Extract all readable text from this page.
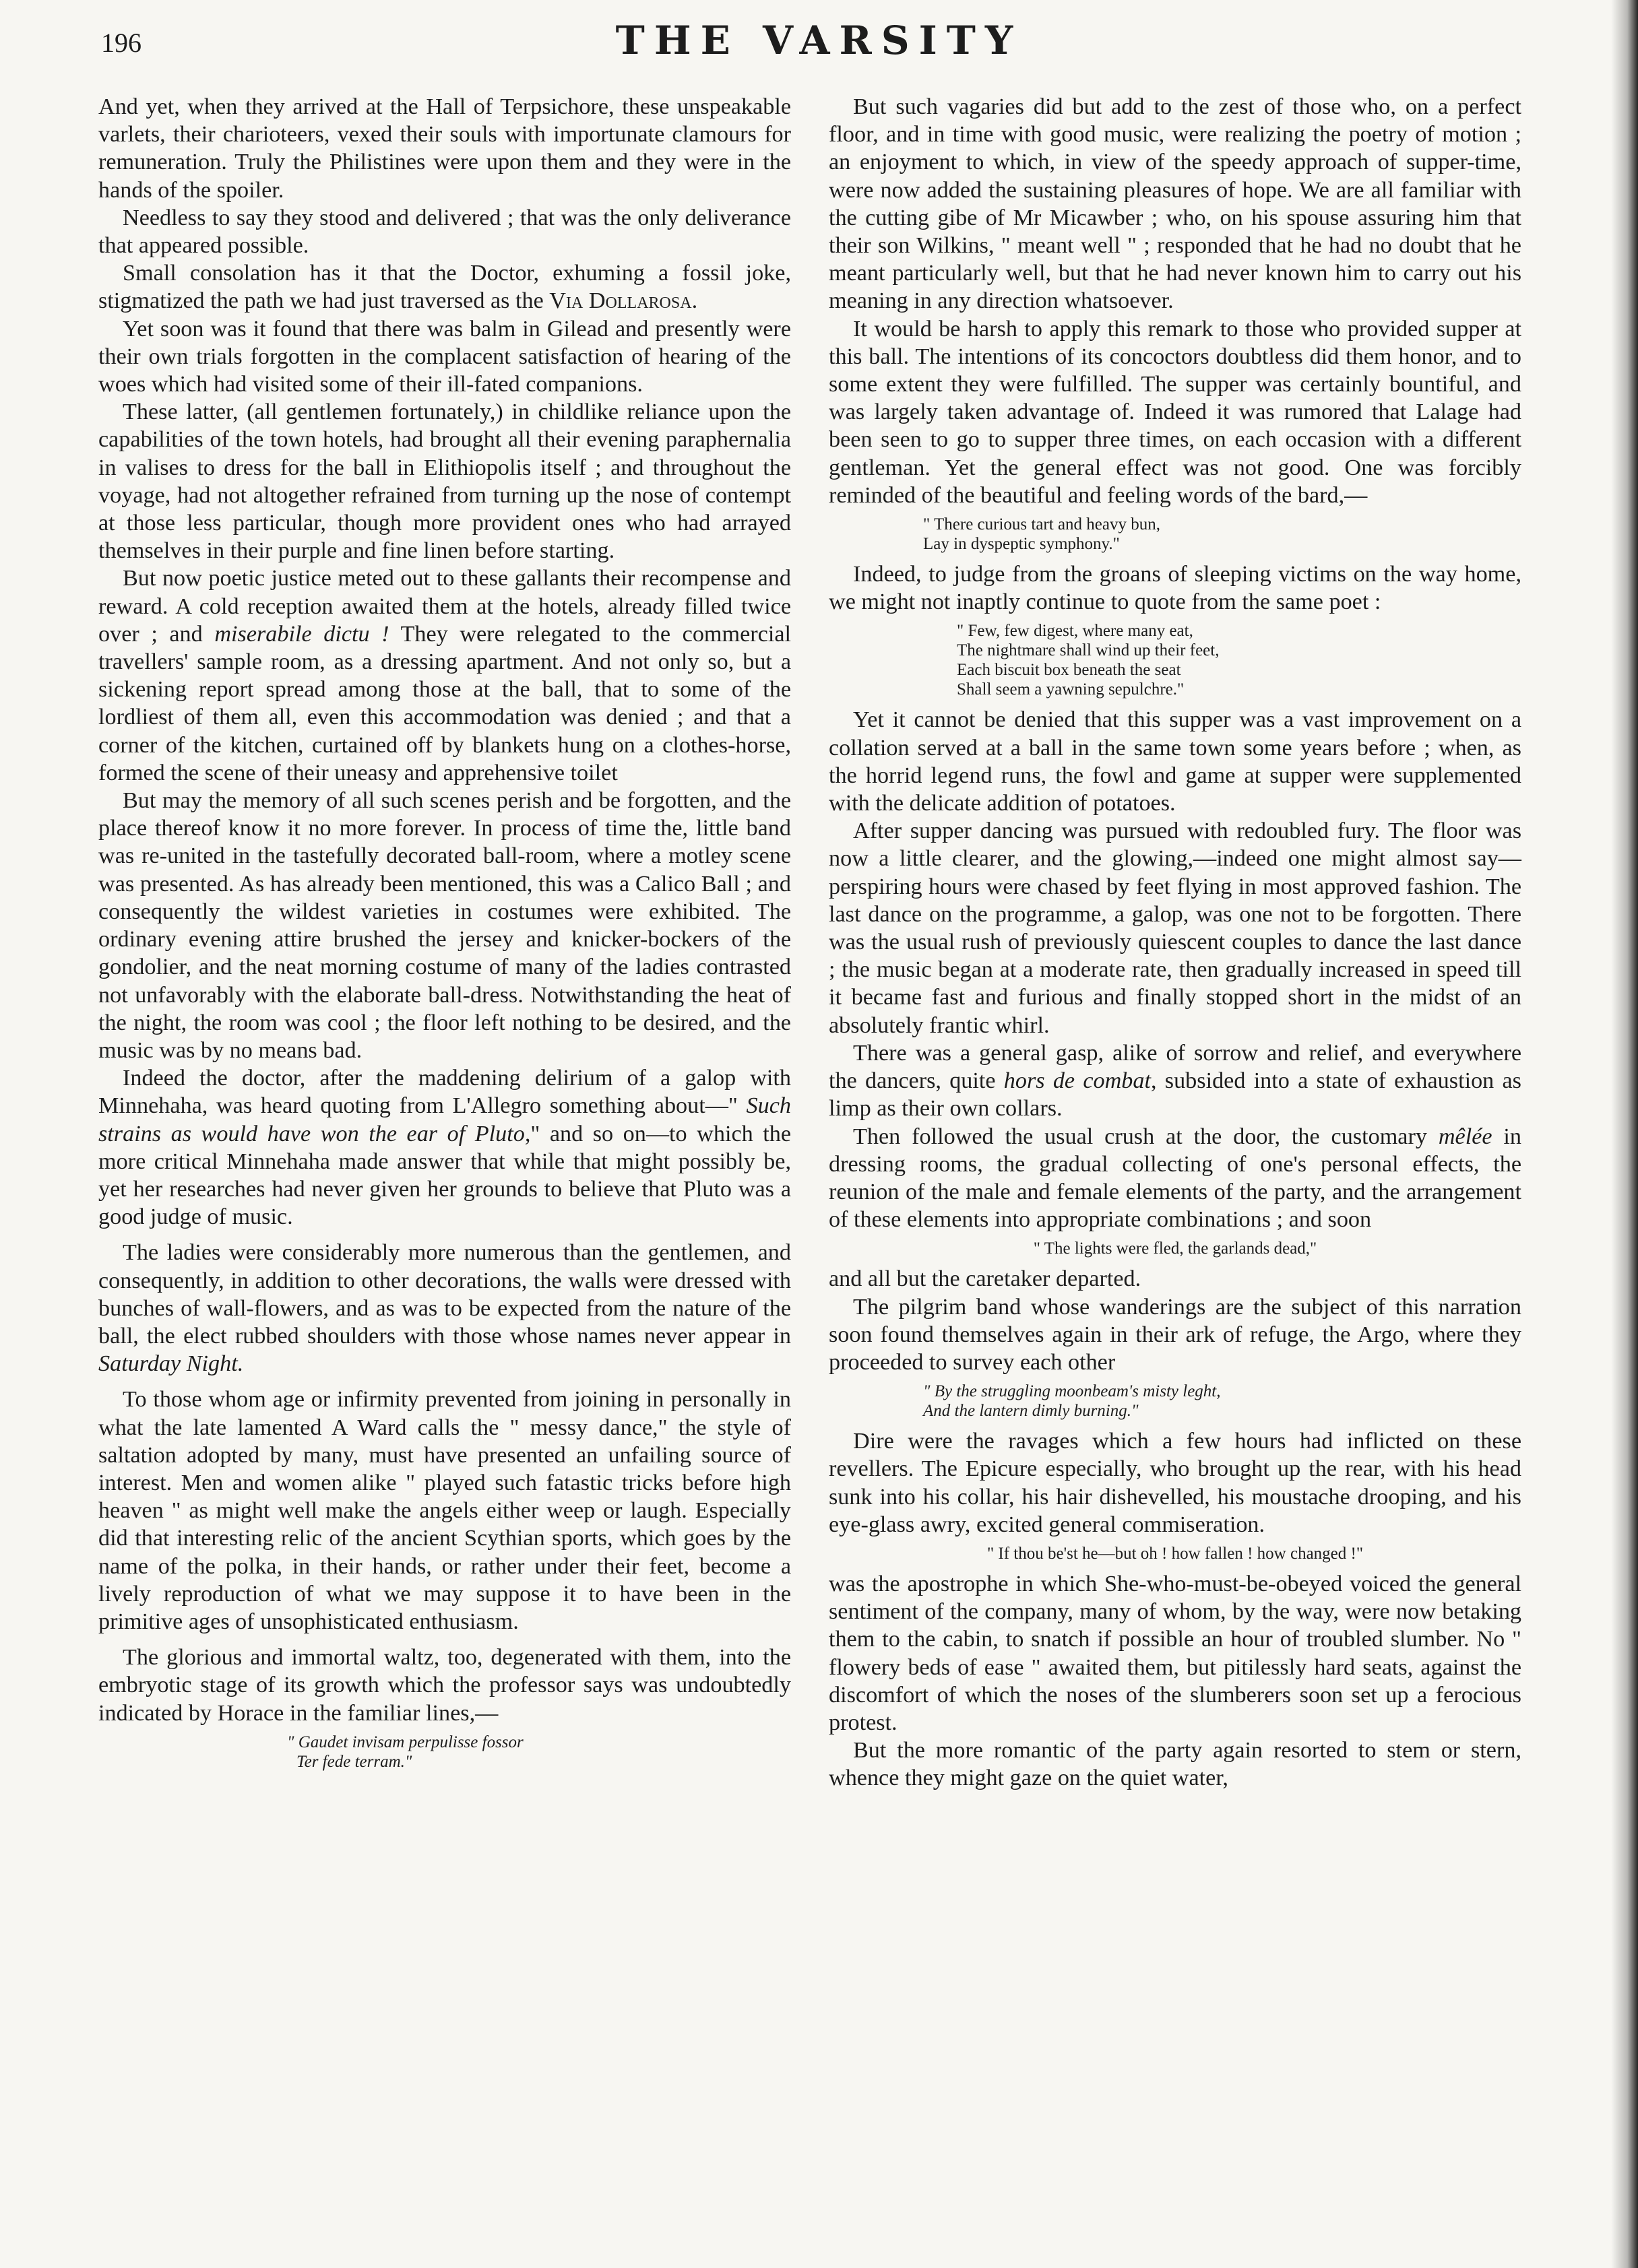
196	THE VARSITY

And yet, when they arrived at the Hall of Terpsichore, these unspeakable varlets, their charioteers, vexed their souls with importunate clamours for remuneration. Truly the Philistines were upon them and they were in the hands of the spoiler.

Needless to say they stood and delivered ; that was the only deliverance that appeared possible.

Small consolation has it that the Doctor, exhuming a fossil joke, stigmatized the path we had just traversed as the Via Dollarosa.

Yet soon was it found that there was balm in Gilead and presently were their own trials forgotten in the complacent satisfaction of hearing of the woes which had visited some of their ill-fated companions.

These latter, (all gentlemen fortunately,) in childlike reliance upon the capabilities of the town hotels, had brought all their evening paraphernalia in valises to dress for the ball in Elithiopolis itself ; and throughout the voyage, had not altogether refrained from turning up the nose of contempt at those less particular, though more provident ones who had arrayed themselves in their purple and fine linen before starting.

But now poetic justice meted out to these gallants their recompense and reward. A cold reception awaited them at the hotels, already filled twice over ; and miserabile dictu ! They were relegated to the commercial travellers' sample room, as a dressing apartment. And not only so, but a sickening report spread among those at the ball, that to some of the lordliest of them all, even this accommodation was denied ; and that a corner of the kitchen, curtained off by blankets hung on a clothes-horse, formed the scene of their uneasy and apprehensive toilet

But may the memory of all such scenes perish and be forgotten, and the place thereof know it no more forever. In process of time the, little band was re-united in the tastefully decorated ball-room, where a motley scene was presented. As has already been mentioned, this was a Calico Ball ; and consequently the wildest varieties in costumes were exhibited. The ordinary evening attire brushed the jersey and knicker-bockers of the gondolier, and the neat morning costume of many of the ladies contrasted not unfavorably with the elaborate ball-dress. Notwithstanding the heat of the night, the room was cool ; the floor left nothing to be desired, and the music was by no means bad.

Indeed the doctor, after the maddening delirium of a galop with Minnehaha, was heard quoting from L'Allegro something about—" Such strains as would have won the ear of Pluto," and so on—to which the more critical Minnehaha made answer that while that might possibly be, yet her researches had never given her grounds to believe that Pluto was a good judge of music.

The ladies were considerably more numerous than the gentlemen, and consequently, in addition to other decorations, the walls were dressed with bunches of wall-flowers, and as was to be expected from the nature of the ball, the elect rubbed shoulders with those whose names never appear in Saturday Night.

To those whom age or infirmity prevented from joining in personally in what the late lamented A Ward calls the " messy dance," the style of saltation adopted by many, must have presented an unfailing source of interest. Men and women alike " played such fatastic tricks before high heaven " as might well make the angels either weep or laugh. Especially did that interesting relic of the ancient Scythian sports, which goes by the name of the polka, in their hands, or rather under their feet, become a lively reproduction of what we may suppose it to have been in the primitive ages of unsophisticated enthusiasm.

The glorious and immortal waltz, too, degenerated with them, into the embryotic stage of its growth which the professor says was undoubtedly indicated by Horace in the familiar lines,—

" Gaudet invisam perpulisse fossor
Ter fede terram."

But such vagaries did but add to the zest of those who, on a perfect floor, and in time with good music, were realizing the poetry of motion ; an enjoyment to which, in view of the speedy approach of supper-time, were now added the sustaining pleasures of hope. We are all familiar with the cutting gibe of Mr Micawber ; who, on his spouse assuring him that their son Wilkins, " meant well " ; responded that he had no doubt that he meant particularly well, but that he had never known him to carry out his meaning in any direction whatsoever.

It would be harsh to apply this remark to those who provided supper at this ball. The intentions of its concoctors doubtless did them honor, and to some extent they were fulfilled. The supper was certainly bountiful, and was largely taken advantage of. Indeed it was rumored that Lalage had been seen to go to supper three times, on each occasion with a different gentleman. Yet the general effect was not good. One was forcibly reminded of the beautiful and feeling words of the bard,—

" There curious tart and heavy bun,
Lay in dyspeptic symphony."

Indeed, to judge from the groans of sleeping victims on the way home, we might not inaptly continue to quote from the same poet :

" Few, few digest, where many eat,
The nightmare shall wind up their feet,
Each biscuit box beneath the seat
Shall seem a yawning sepulchre."

Yet it cannot be denied that this supper was a vast improvement on a collation served at a ball in the same town some years before ; when, as the horrid legend runs, the fowl and game at supper were supplemented with the delicate addition of potatoes.

After supper dancing was pursued with redoubled fury. The floor was now a little clearer, and the glowing,—indeed one might almost say—perspiring hours were chased by feet flying in most approved fashion. The last dance on the programme, a galop, was one not to be forgotten. There was the usual rush of previously quiescent couples to dance the last dance ; the music began at a moderate rate, then gradually increased in speed till it became fast and furious and finally stopped short in the midst of an absolutely frantic whirl.

There was a general gasp, alike of sorrow and relief, and everywhere the dancers, quite hors de combat, subsided into a state of exhaustion as limp as their own collars.

Then followed the usual crush at the door, the customary mêlée in dressing rooms, the gradual collecting of one's personal effects, the reunion of the male and female elements of the party, and the arrangement of these elements into appropriate combinations ; and soon

" The lights were fled, the garlands dead,"

and all but the caretaker departed.

The pilgrim band whose wanderings are the subject of this narration soon found themselves again in their ark of refuge, the Argo, where they proceeded to survey each other

" By the struggling moonbeam's misty leght,
And the lantern dimly burning."

Dire were the ravages which a few hours had inflicted on these revellers. The Epicure especially, who brought up the rear, with his head sunk into his collar, his hair dishevelled, his moustache drooping, and his eye-glass awry, excited general commiseration.

" If thou be'st he—but oh ! how fallen ! how changed !"

was the apostrophe in which She-who-must-be-obeyed voiced the general sentiment of the company, many of whom, by the way, were now betaking them to the cabin, to snatch if possible an hour of troubled slumber. No " flowery beds of ease " awaited them, but pitilessly hard seats, against the discomfort of which the noses of the slumberers soon set up a ferocious protest.

But the more romantic of the party again resorted to stem or stern, whence they might gaze on the quiet water,
